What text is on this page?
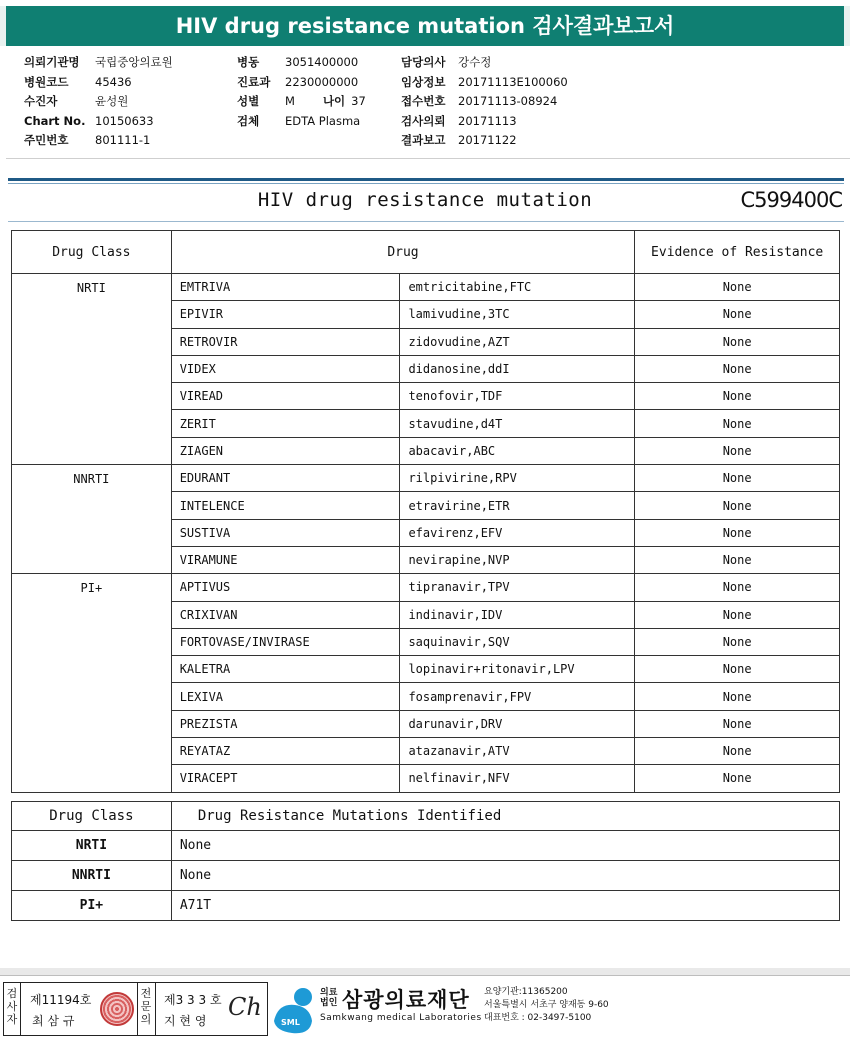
HIV drug resistance mutation 검사결과보고서
의뢰기관명	국립중앙의료원
병원코드	45436
수진자	윤성원
Chart No. 10150633
주민번호	801111-1
병동	3051400000
진료과	2230000000
성별	M 나이 37
검체	EDTA Plasma
담당의사	강수정
임상정보	20171113E100060
접수번호	20171113-08924
검사의뢰	20171113
결과보고	20171122
HIV drug resistance mutation	C599400C
Drug Class	Drug		Evidence of Resistance
NRTI	EMTRIVA	emtricitabine,FTC	None
	EPIVIR	lamivudine,3TC	None
	RETROVIR	zidovudine,AZT	None
	VIDEX	didanosine,ddI	None
	VIREAD	tenofovir,TDF	None
	ZERIT	stavudine,d4T	None
	ZIAGEN	abacavir,ABC	None
NNRTI	EDURANT	rilpivirine,RPV	None
	INTELENCE	etravirine,ETR	None
	SUSTIVA	efavirenz,EFV	None
	VIRAMUNE	nevirapine,NVP	None
PI+	APTIVUS	tipranavir,TPV	None
	CRIXIVAN	indinavir,IDV	None
	FORTOVASE/INVIRASE	saquinavir,SQV	None
	KALETRA	lopinavir+ritonavir,LPV	None
	LEXIVA	fosamprenavir,FPV	None
	PREZISTA	darunavir,DRV	None
	REYATAZ	atazanavir,ATV	None
	VIRACEPT	nelfinavir,NFV	None
Drug Class	Drug Resistance Mutations Identified
NRTI	None
NNRTI	None
PI+	A71T
검사자
제11194호
최 삼 규
전문의
제3 3 3 호
지 현 영 Ch
SML
의료법인 삼광의료재단
Samkwang medical Laboratories
요양기관:11365200
서울특별시 서초구 양재동 9-60
대표번호 : 02-3497-5100
